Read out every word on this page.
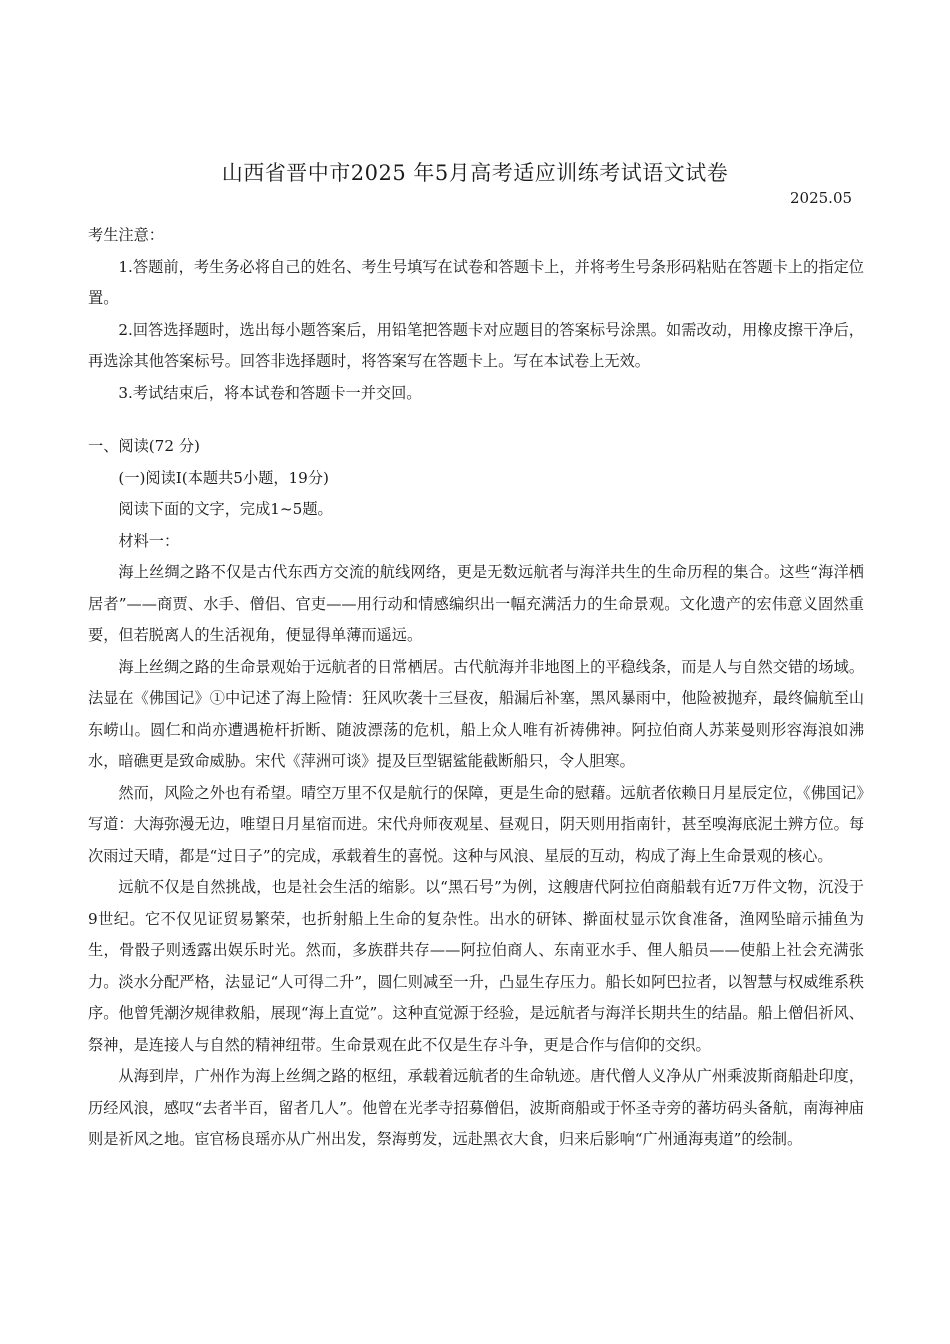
山西省晋中市2025 年5月高考适应训练考试语文试卷
2025.05

考生注意：

1.答题前，考生务必将自己的姓名、考生号填写在试卷和答题卡上，并将考生号条形码粘贴在答题卡上的指定位置。

2.回答选择题时，选出每小题答案后，用铅笔把答题卡对应题目的答案标号涂黑。如需改动，用橡皮擦干净后，再选涂其他答案标号。回答非选择题时，将答案写在答题卡上。写在本试卷上无效。

3.考试结束后，将本试卷和答题卡一并交回。

一、阅读(72 分)

(一)阅读Ⅰ(本题共5小题，19分)

阅读下面的文字，完成1~5题。

材料一：

海上丝绸之路不仅是古代东西方交流的航线网络，更是无数远航者与海洋共生的生命历程的集合。这些“海洋栖居者”——商贾、水手、僧侣、官吏——用行动和情感编织出一幅充满活力的生命景观。文化遗产的宏伟意义固然重要，但若脱离人的生活视角，便显得单薄而遥远。

海上丝绸之路的生命景观始于远航者的日常栖居。古代航海并非地图上的平稳线条，而是人与自然交错的场域。法显在《佛国记》①中记述了海上险情：狂风吹袭十三昼夜，船漏后补塞，黑风暴雨中，他险被抛弃，最终偏航至山东崂山。圆仁和尚亦遭遇桅杆折断、随波漂荡的危机，船上众人唯有祈祷佛神。阿拉伯商人苏莱曼则形容海浪如沸水，暗礁更是致命威胁。宋代《萍洲可谈》提及巨型锯鲨能截断船只，令人胆寒。

然而，风险之外也有希望。晴空万里不仅是航行的保障，更是生命的慰藉。远航者依赖日月星辰定位，《佛国记》写道：大海弥漫无边，唯望日月星宿而进。宋代舟师夜观星、昼观日，阴天则用指南针，甚至嗅海底泥土辨方位。每次雨过天晴，都是“过日子”的完成，承载着生的喜悦。这种与风浪、星辰的互动，构成了海上生命景观的核心。

远航不仅是自然挑战，也是社会生活的缩影。以“黑石号”为例，这艘唐代阿拉伯商船载有近7万件文物，沉没于9世纪。它不仅见证贸易繁荣，也折射船上生命的复杂性。出水的研钵、擀面杖显示饮食准备，渔网坠暗示捕鱼为生，骨骰子则透露出娱乐时光。然而，多族群共存——阿拉伯商人、东南亚水手、俚人船员——使船上社会充满张力。淡水分配严格，法显记“人可得二升”，圆仁则减至一升，凸显生存压力。船长如阿巴拉者，以智慧与权威维系秩序。他曾凭潮汐规律救船，展现“海上直觉”。这种直觉源于经验，是远航者与海洋长期共生的结晶。船上僧侣祈风、祭神，是连接人与自然的精神纽带。生命景观在此不仅是生存斗争，更是合作与信仰的交织。

从海到岸，广州作为海上丝绸之路的枢纽，承载着远航者的生命轨迹。唐代僧人义净从广州乘波斯商船赴印度，历经风浪，感叹“去者半百，留者几人”。他曾在光孝寺招募僧侣，波斯商船或于怀圣寺旁的蕃坊码头备航，南海神庙则是祈风之地。宦官杨良瑶亦从广州出发，祭海剪发，远赴黑衣大食，归来后影响“广州通海夷道”的绘制。
